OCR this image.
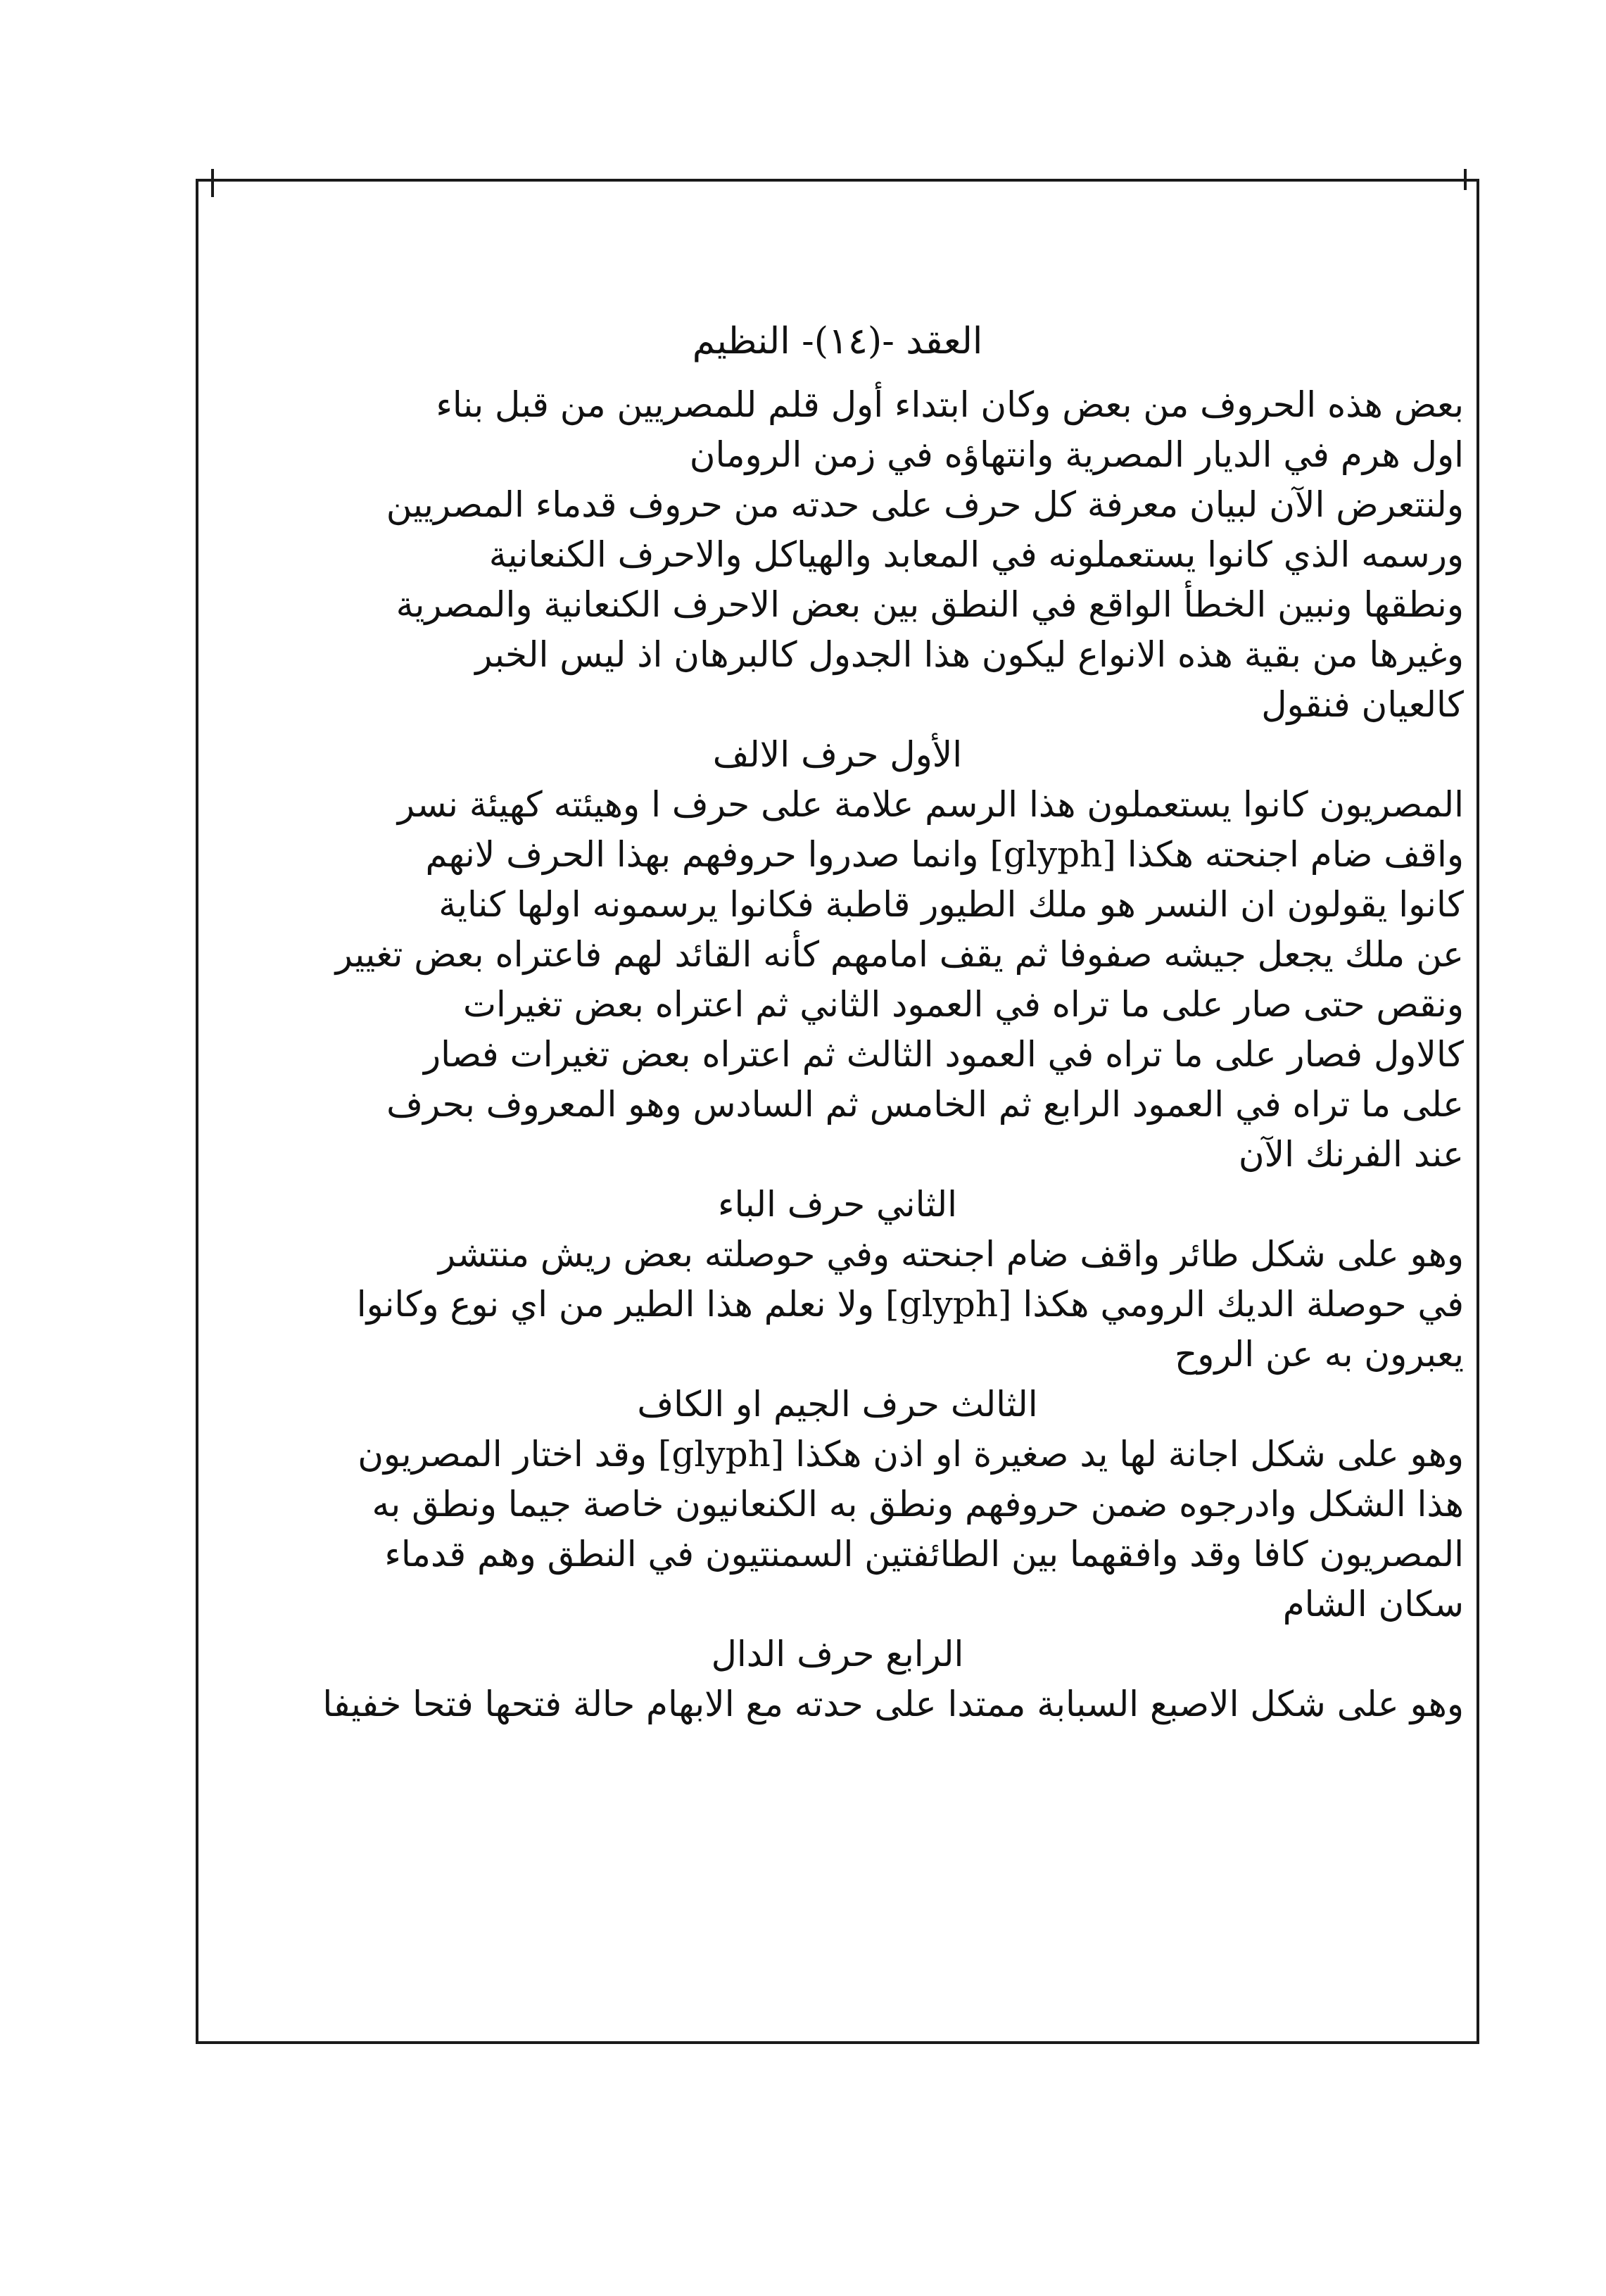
العقد -(١٤)- النظيم
بعض هذه الحروف من بعض وكان ابتداء أول قلم للمصريين من قبل بناء
اول هرم في الديار المصرية وانتهاؤه في زمن الرومان
ولنتعرض الآن لبيان معرفة كل حرف على حدته من حروف قدماء المصريين
ورسمه الذي كانوا يستعملونه في المعابد والهياكل والاحرف الكنعانية
ونطقها ونبين الخطأ الواقع في النطق بين بعض الاحرف الكنعانية والمصرية
وغيرها من بقية هذه الانواع ليكون هذا الجدول كالبرهان اذ ليس الخبر
كالعيان فنقول
الأول حرف الالف
المصريون كانوا يستعملون هذا الرسم علامة على حرف ا وهيئته كهيئة نسر
واقف ضام اجنحته هكذا [glyph] وانما صدروا حروفهم بهذا الحرف لانهم
كانوا يقولون ان النسر هو ملك الطيور قاطبة فكانوا يرسمونه اولها كناية
عن ملك يجعل جيشه صفوفا ثم يقف امامهم كأنه القائد لهم فاعتراه بعض تغيير
ونقص حتى صار على ما تراه في العمود الثاني ثم اعتراه بعض تغيرات
كالاول فصار على ما تراه في العمود الثالث ثم اعتراه بعض تغيرات فصار
على ما تراه في العمود الرابع ثم الخامس ثم السادس وهو المعروف بحرف
عند الفرنك الآن
الثاني حرف الباء
وهو على شكل طائر واقف ضام اجنحته وفي حوصلته بعض ريش منتشر
في حوصلة الديك الرومي هكذا [glyph] ولا نعلم هذا الطير من اي نوع وكانوا
يعبرون به عن الروح
الثالث حرف الجيم او الكاف
وهو على شكل اجانة لها يد صغيرة او اذن هكذا [glyph] وقد اختار المصريون
هذا الشكل وادرجوه ضمن حروفهم ونطق به الكنعانيون خاصة جيما ونطق به
المصريون كافا وقد وافقهما بين الطائفتين السمنتيون في النطق وهم قدماء
سكان الشام
الرابع حرف الدال
وهو على شكل الاصبع السبابة ممتدا على حدته مع الابهام حالة فتحها فتحا خفيفا
